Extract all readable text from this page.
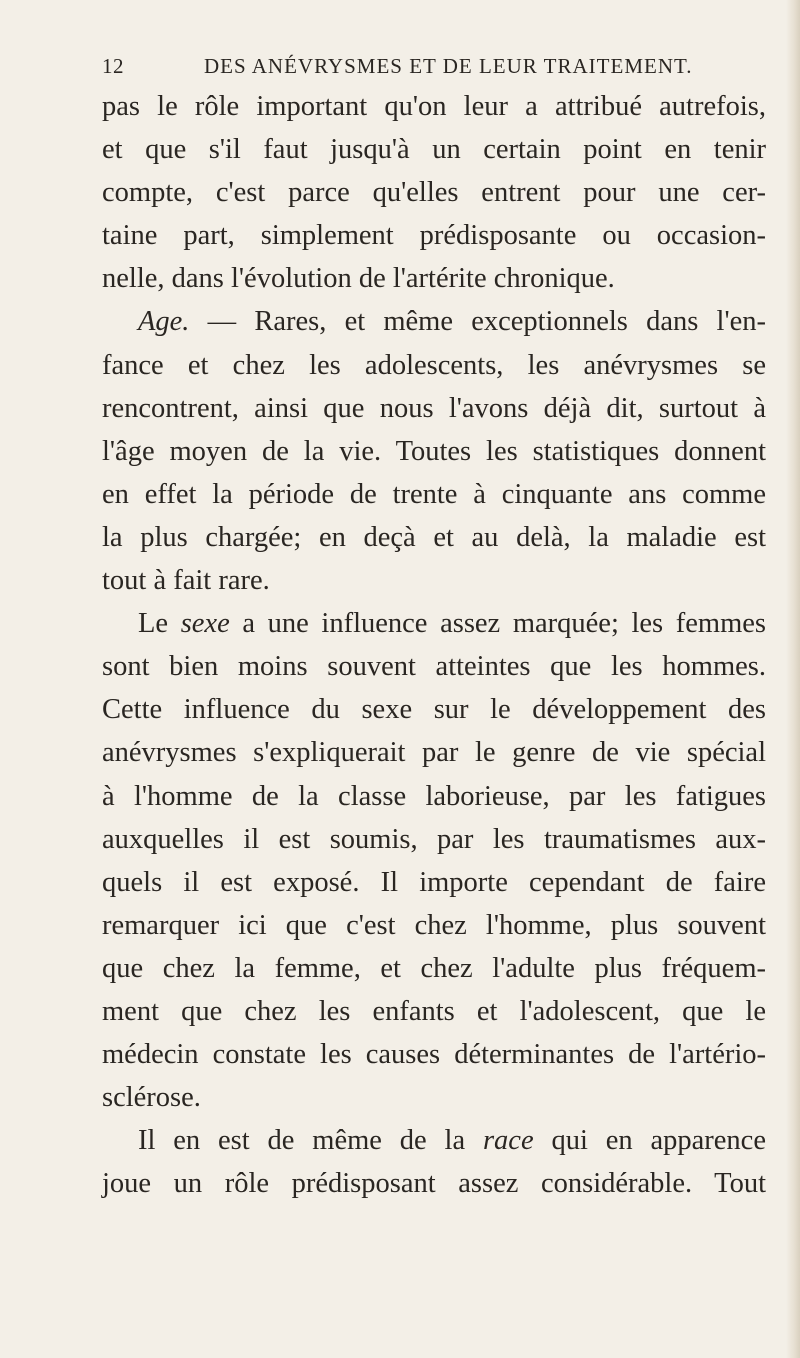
12	DES ANÉVRYSMES ET DE LEUR TRAITEMENT.
pas le rôle important qu'on leur a attribué autrefois,
et que s'il faut jusqu'à un certain point en tenir
compte, c'est parce qu'elles entrent pour une cer-
taine part, simplement prédisposante ou occasion-
nelle, dans l'évolution de l'artérite chronique.
Age. — Rares, et même exceptionnels dans l'en-
fance et chez les adolescents, les anévrysmes se
rencontrent, ainsi que nous l'avons déjà dit, surtout à
l'âge moyen de la vie. Toutes les statistiques donnent
en effet la période de trente à cinquante ans comme
la plus chargée; en deçà et au delà, la maladie est
tout à fait rare.
Le sexe a une influence assez marquée; les femmes
sont bien moins souvent atteintes que les hommes.
Cette influence du sexe sur le développement des
anévrysmes s'expliquerait par le genre de vie spécial
à l'homme de la classe laborieuse, par les fatigues
auxquelles il est soumis, par les traumatismes aux-
quels il est exposé. Il importe cependant de faire
remarquer ici que c'est chez l'homme, plus souvent
que chez la femme, et chez l'adulte plus fréquem-
ment que chez les enfants et l'adolescent, que le
médecin constate les causes déterminantes de l'artério-
sclérose.
Il en est de même de la race qui en apparence
joue un rôle prédisposant assez considérable. Tout
